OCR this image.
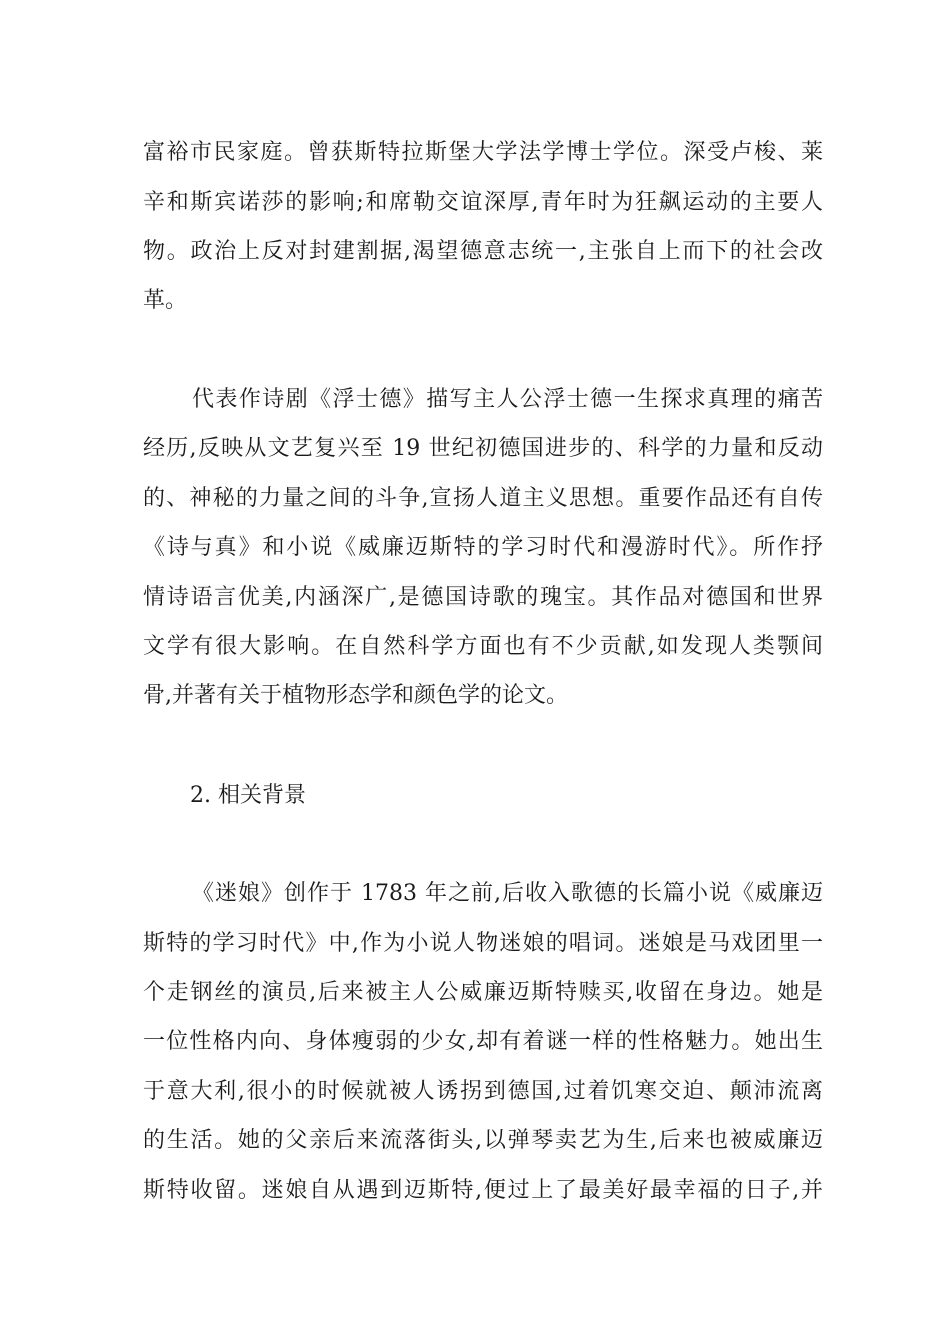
富裕市民家庭。曾获斯特拉斯堡大学法学博士学位。深受卢梭、莱
辛和斯宾诺莎的影响;和席勒交谊深厚,青年时为狂飙运动的主要人
物。政治上反对封建割据,渴望德意志统一,主张自上而下的社会改
革。
代表作诗剧《浮士德》描写主人公浮士德一生探求真理的痛苦
经历,反映从文艺复兴至 19 世纪初德国进步的、科学的力量和反动
的、神秘的力量之间的斗争,宣扬人道主义思想。重要作品还有自传
《诗与真》和小说《威廉迈斯特的学习时代和漫游时代》。所作抒
情诗语言优美,内涵深广,是德国诗歌的瑰宝。其作品对德国和世界
文学有很大影响。在自然科学方面也有不少贡献,如发现人类颚间
骨,并著有关于植物形态学和颜色学的论文。
2. 相关背景
《迷娘》创作于 1783 年之前,后收入歌德的长篇小说《威廉迈
斯特的学习时代》中,作为小说人物迷娘的唱词。迷娘是马戏团里一
个走钢丝的演员,后来被主人公威廉迈斯特赎买,收留在身边。她是
一位性格内向、身体瘦弱的少女,却有着谜一样的性格魅力。她出生
于意大利,很小的时候就被人诱拐到德国,过着饥寒交迫、颠沛流离
的生活。她的父亲后来流落街头,以弹琴卖艺为生,后来也被威廉迈
斯特收留。迷娘自从遇到迈斯特,便过上了最美好最幸福的日子,并
